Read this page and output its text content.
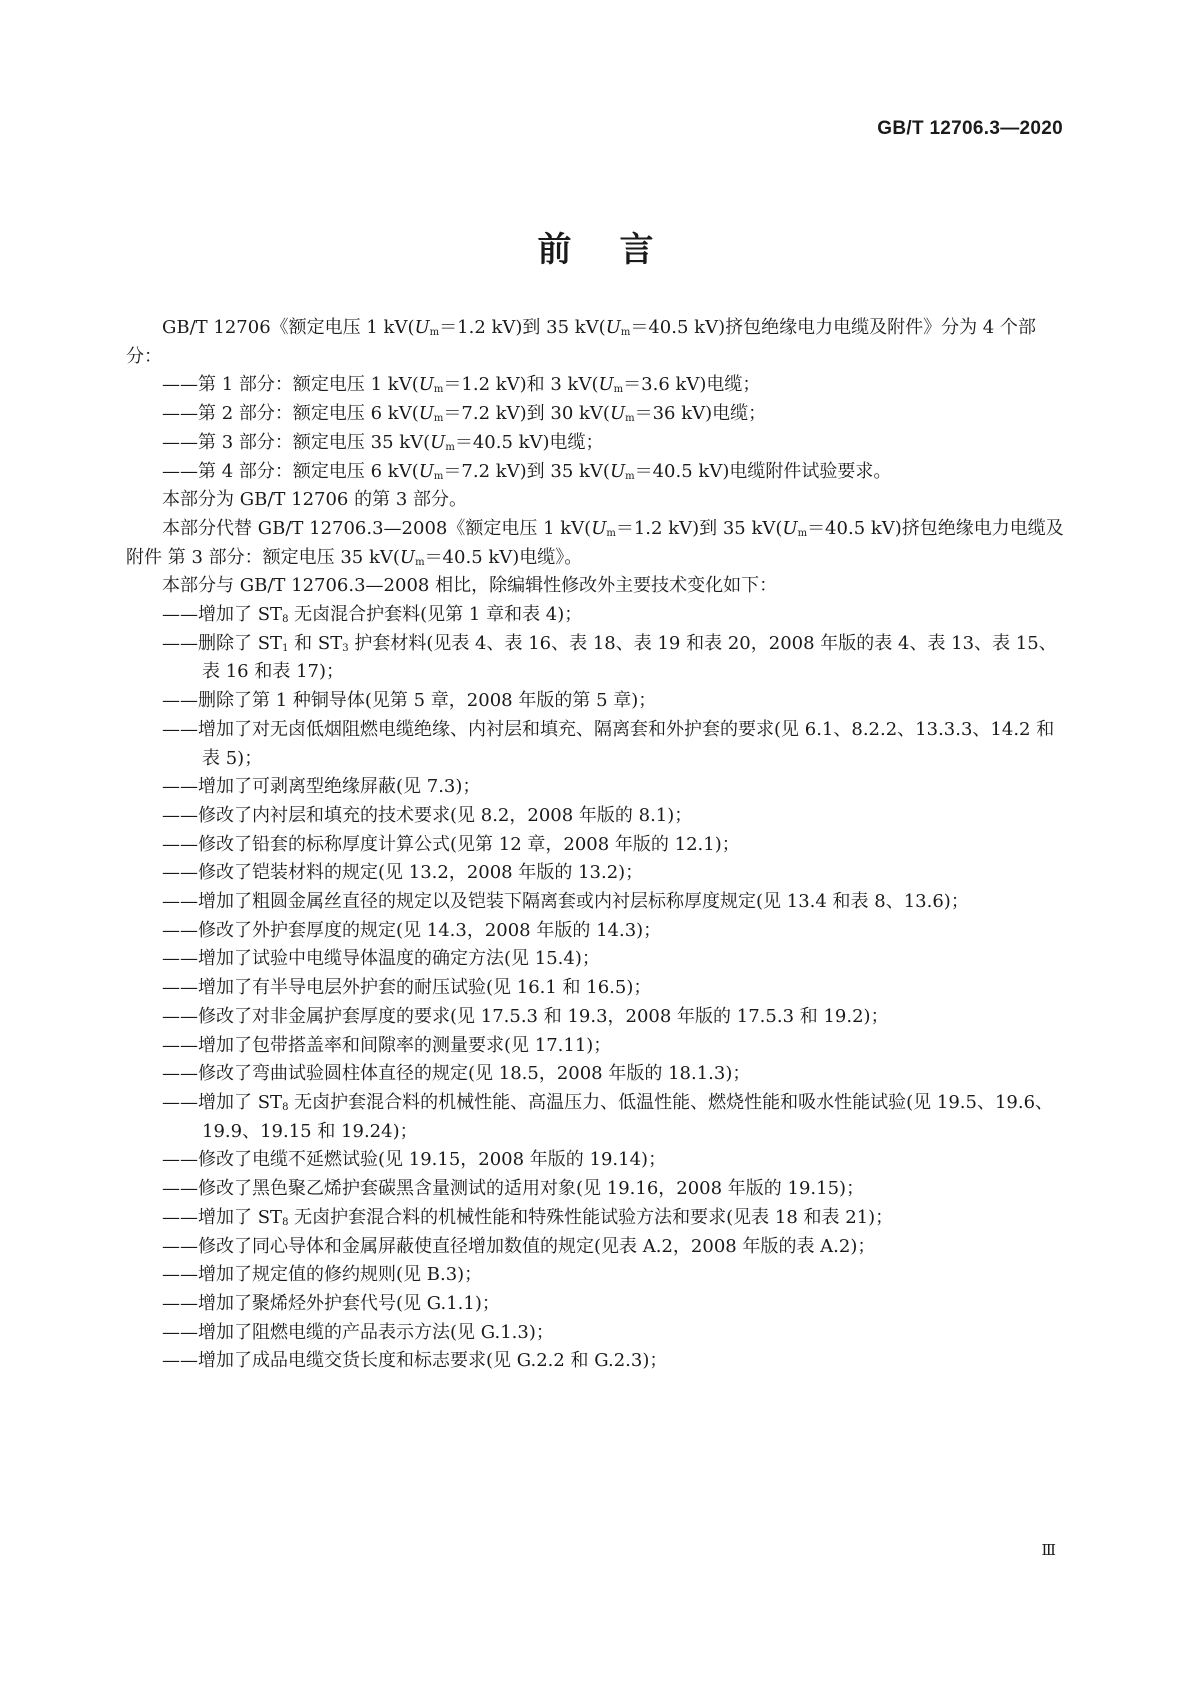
GB/T 12706.3—2020
前言

GB/T 12706《额定电压 1 $kV(U_m=1.2$ kV)到 35 $kV(U_m=40.5$ kV)挤包绝缘电力电缆及附件》分为 4 个部分：

——第 1 部分：额定电压 1 $kV(U_m=1.2$ kV)和 3 $kV(U_m=3.6$ kV)电缆；

——第 2 部分：额定电压 6 $kV(U_m=7.2$ kV)到 30 $kV(U_m=36$ kV)电缆；

——第 3 部分：额定电压 35 $kV(U_m=40.5$ kV)电缆；

——第 4 部分：额定电压 6 $kV(U_m=7.2$ kV)到 35 $kV(U_m=40.5$ kV)电缆附件试验要求。

本部分为 GB/T 12706 的第 3 部分。

本部分代替 GB/T 12706.3—2008《额定电压 1 $kV(U_m=1.2$ kV)到 35 $kV(U_m=40.5$ kV)挤包绝缘电力电缆及附件 第 3 部分：额定电压 35 $kV(U_m=40.5$ kV)电缆》。

本部分与 GB/T 12706.3—2008 相比，除编辑性修改外主要技术变化如下：

——增加了 $ST_8$ 无卤混合护套料(见第 1 章和表 4)；

——删除了 $ST_1$ 和 $ST_3$ 护套材料(见表 4、表 16、表 18、表 19 和表 20，2008 年版的表 4、表 13、表 15、表 16 和表 17)；

——删除了第 1 种铜导体(见第 5 章，2008 年版的第 5 章)；

——增加了对无卤低烟阻燃电缆绝缘、内衬层和填充、隔离套和外护套的要求(见 6.1、8.2.2、13.3.3、14.2 和表 5)；

——增加了可剥离型绝缘屏蔽(见 7.3)；

——修改了内衬层和填充的技术要求(见 8.2，2008 年版的 8.1)；

——修改了铅套的标称厚度计算公式(见第 12 章，2008 年版的 12.1)；

——修改了铠装材料的规定(见 13.2，2008 年版的 13.2)；

——增加了粗圆金属丝直径的规定以及铠装下隔离套或内衬层标称厚度规定(见 13.4 和表 8、13.6)；

——修改了外护套厚度的规定(见 14.3，2008 年版的 14.3)；

——增加了试验中电缆导体温度的确定方法(见 15.4)；

——增加了有半导电层外护套的耐压试验(见 16.1 和 16.5)；

——修改了对非金属护套厚度的要求(见 17.5.3 和 19.3，2008 年版的 17.5.3 和 19.2)；

——增加了包带搭盖率和间隙率的测量要求(见 17.11)；

——修改了弯曲试验圆柱体直径的规定(见 18.5，2008 年版的 18.1.3)；

——增加了 $ST_8$ 无卤护套混合料的机械性能、高温压力、低温性能、燃烧性能和吸水性能试验(见 19.5、19.6、19.9、19.15 和 19.24)；

——修改了电缆不延燃试验(见 19.15，2008 年版的 19.14)；

——修改了黑色聚乙烯护套碳黑含量测试的适用对象(见 19.16，2008 年版的 19.15)；

——增加了 $ST_8$ 无卤护套混合料的机械性能和特殊性能试验方法和要求(见表 18 和表 21)；

——修改了同心导体和金属屏蔽使直径增加数值的规定(见表 A.2，2008 年版的表 A.2)；

——增加了规定值的修约规则(见 B.3)；

——增加了聚烯烃外护套代号(见 G.1.1)；

——增加了阻燃电缆的产品表示方法(见 G.1.3)；

——增加了成品电缆交货长度和标志要求(见 G.2.2 和 G.2.3)；

Ⅲ
